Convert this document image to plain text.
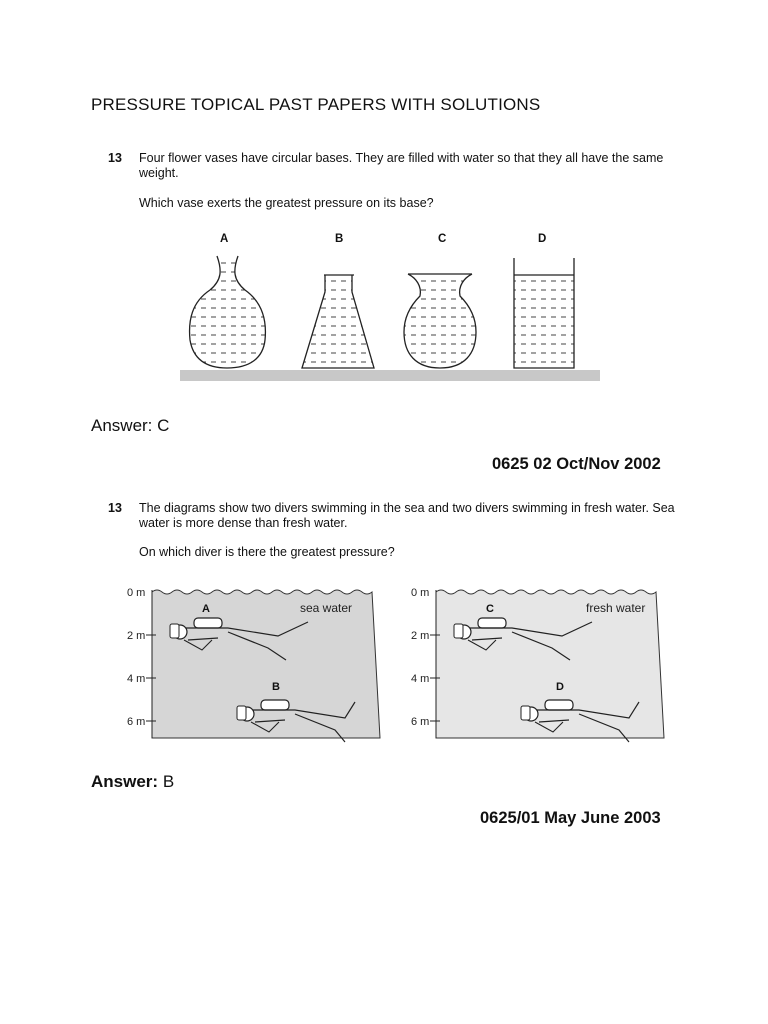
PRESSURE TOPICAL PAST PAPERS WITH SOLUTIONS
13 Four flower vases have circular bases. They are filled with water so that they all have the same
weight.
Which vase exerts the greatest pressure on its base?
A	B	C	D
Answer: C
0625 02 Oct/Nov 2002
13 The diagrams show two divers swimming in the sea and two divers swimming in fresh water. Sea
water is more dense than fresh water.
On which diver is there the greatest pressure?
0 m
2 m
4 m
6 m
sea water
A
B
0 m
2 m
4 m
6 m
fresh water
C
D
Answer: B
0625/01 May June 2003
